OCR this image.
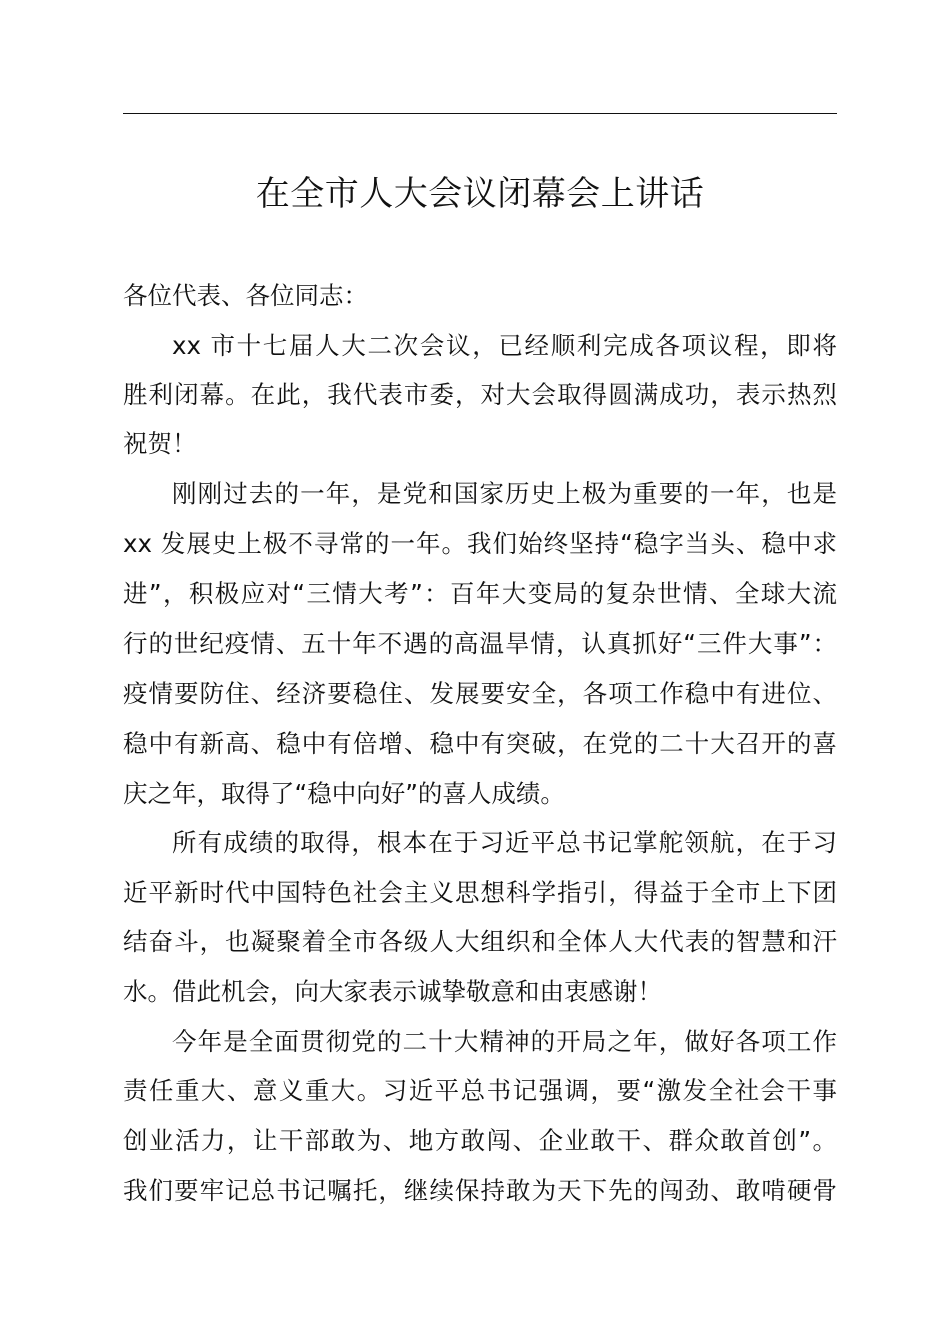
在全市人大会议闭幕会上讲话
各位代表、各位同志：
xx 市十七届人大二次会议，已经顺利完成各项议程，即将
胜利闭幕。在此，我代表市委，对大会取得圆满成功，表示热烈
祝贺！
刚刚过去的一年，是党和国家历史上极为重要的一年，也是
xx 发展史上极不寻常的一年。我们始终坚持“稳字当头、稳中求
进”，积极应对“三情大考”：百年大变局的复杂世情、全球大流
行的世纪疫情、五十年不遇的高温旱情，认真抓好“三件大事”：
疫情要防住、经济要稳住、发展要安全，各项工作稳中有进位、
稳中有新高、稳中有倍增、稳中有突破，在党的二十大召开的喜
庆之年，取得了“稳中向好”的喜人成绩。
所有成绩的取得，根本在于习近平总书记掌舵领航，在于习
近平新时代中国特色社会主义思想科学指引，得益于全市上下团
结奋斗，也凝聚着全市各级人大组织和全体人大代表的智慧和汗
水。借此机会，向大家表示诚挚敬意和由衷感谢！
今年是全面贯彻党的二十大精神的开局之年，做好各项工作
责任重大、意义重大。习近平总书记强调，要“激发全社会干事
创业活力，让干部敢为、地方敢闯、企业敢干、群众敢首创”。
我们要牢记总书记嘱托，继续保持敢为天下先的闯劲、敢啃硬骨
